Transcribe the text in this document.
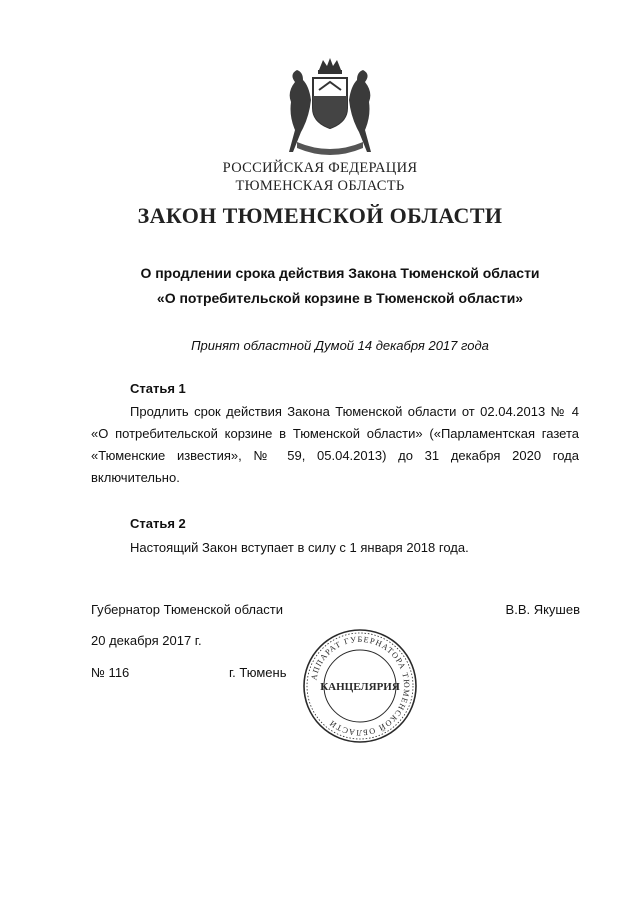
РОССИЙСКАЯ ФЕДЕРАЦИЯ
ТЮМЕНСКАЯ ОБЛАСТЬ
ЗАКОН ТЮМЕНСКОЙ ОБЛАСТИ
О продлении срока действия Закона Тюменской области
«О потребительской корзине в Тюменской области»
Принят областной Думой 14 декабря 2017 года
Статья 1
Продлить срок действия Закона Тюменской области от 02.04.2013 № 4 «О потребительской корзине в Тюменской области» («Парламентская газета «Тюменские известия», № 59, 05.04.2013) до 31 декабря 2020 года включительно.
Статья 2
Настоящий Закон вступает в силу с 1 января 2018 года.
Губернатор Тюменской области	В.В. Якушев
20 декабря 2017 г.
№ 116	г. Тюмень	АППАРАТ ГУБЕРНАТОРА ТЮМЕНСКОЙ ОБЛАСТИ
КАНЦЕЛЯРИЯ
